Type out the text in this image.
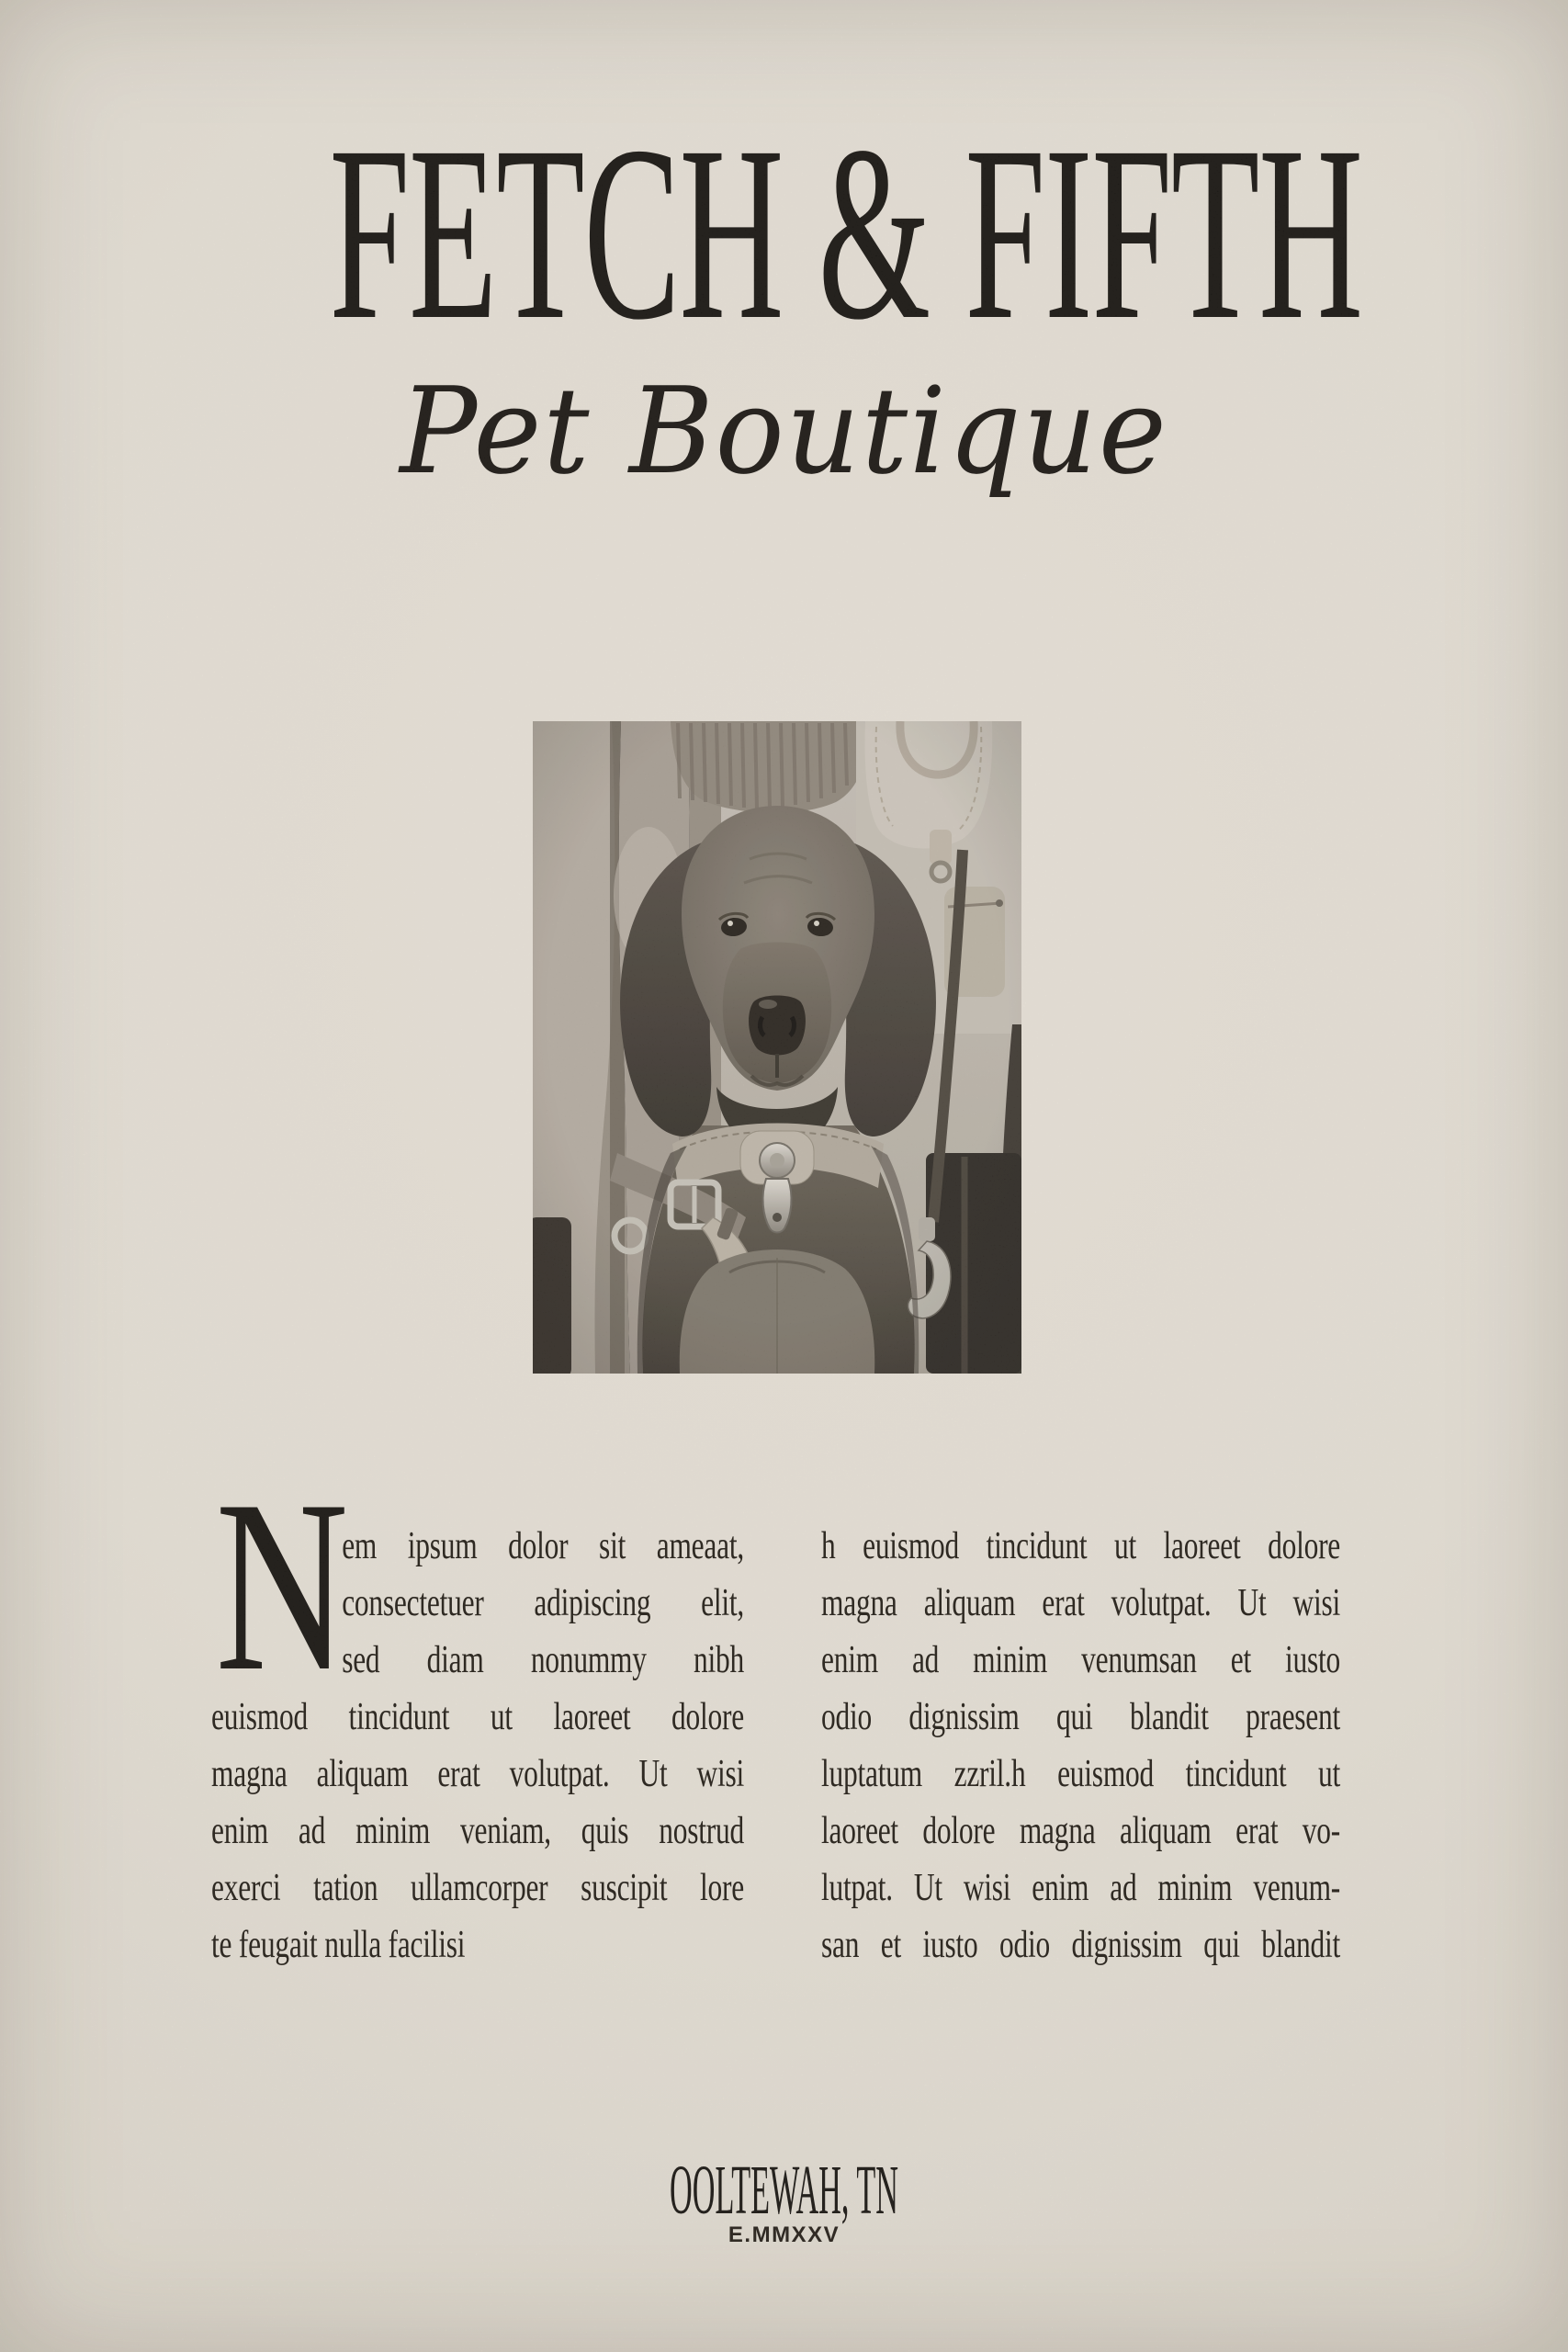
FETCH & FIFTH
Pet Boutique
N
em ipsum dolor sit ameaat,
consectetuer adipiscing elit,
sed diam nonummy nibh
euismod tincidunt ut laoreet dolore
magna aliquam erat volutpat. Ut wisi
enim ad minim veniam, quis nostrud
exerci tation ullamcorper suscipit lore
te feugait nulla facilisi
h euismod tincidunt ut laoreet dolore
magna aliquam erat volutpat. Ut wisi
enim ad minim venumsan et iusto
odio dignissim qui blandit praesent
luptatum zzril.h euismod tincidunt ut
laoreet dolore magna aliquam erat vo-
lutpat. Ut wisi enim ad minim venum-
san et iusto odio dignissim qui blandit
OOLTEWAH, TN
E.MMXXV
